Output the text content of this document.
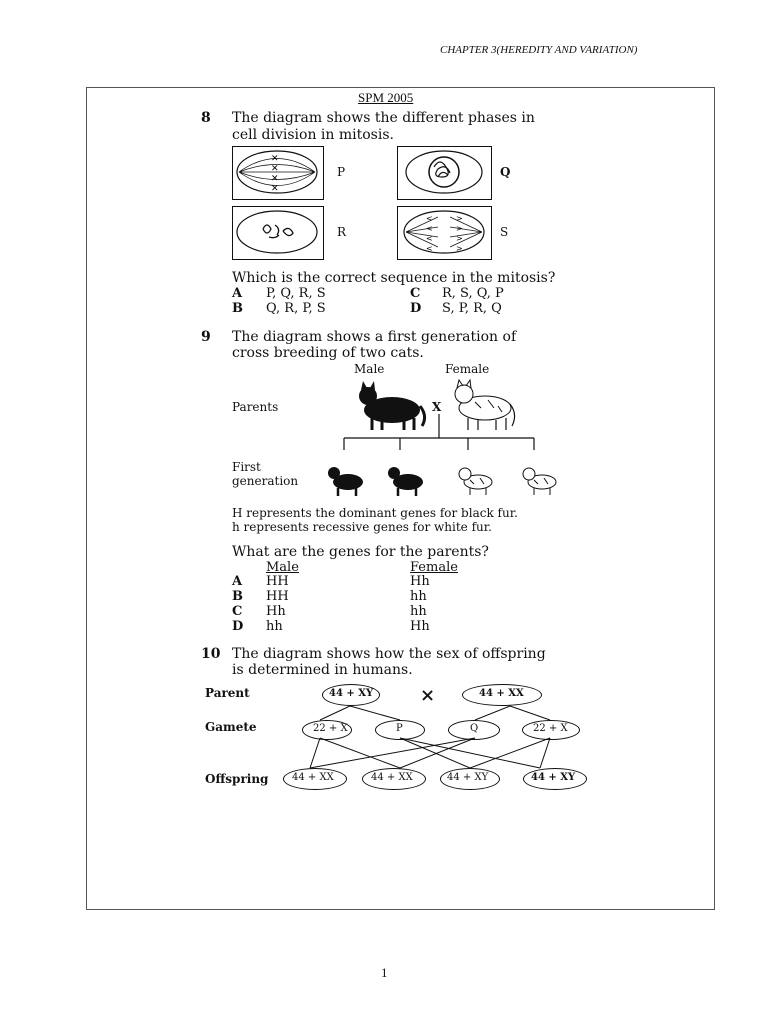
CHAPTER 3(HEREDITY AND VARIATION)
SPM 2005
8 The diagram shows the different phases in
cell division in mitosis.
✕
✕
✕
✕
P	Q
R
<
<
<
<
>
>
>
>
S
Which is the correct sequence in the mitosis?
A P, Q, R, S
B Q, R, P, S
C R, S, Q, P
D S, P, R, Q
9 The diagram shows a first generation of
cross breeding of two cats.
Male	Female
Parents	X
First
generation
H represents the dominant genes for black fur.
h represents recessive genes for white fur.
What are the genes for the parents?
Male	Female
A HH	Hh
B HH	hh
C Hh	hh
D hh	Hh
10 The diagram shows how the sex of offspring
is determined in humans.
Parent
Gamete
Offspring
44 + XY	×	44 + XX
22 + X	P	Q	22 + X
44 + XX	44 + XX	44 + XY	44 + XY
1
